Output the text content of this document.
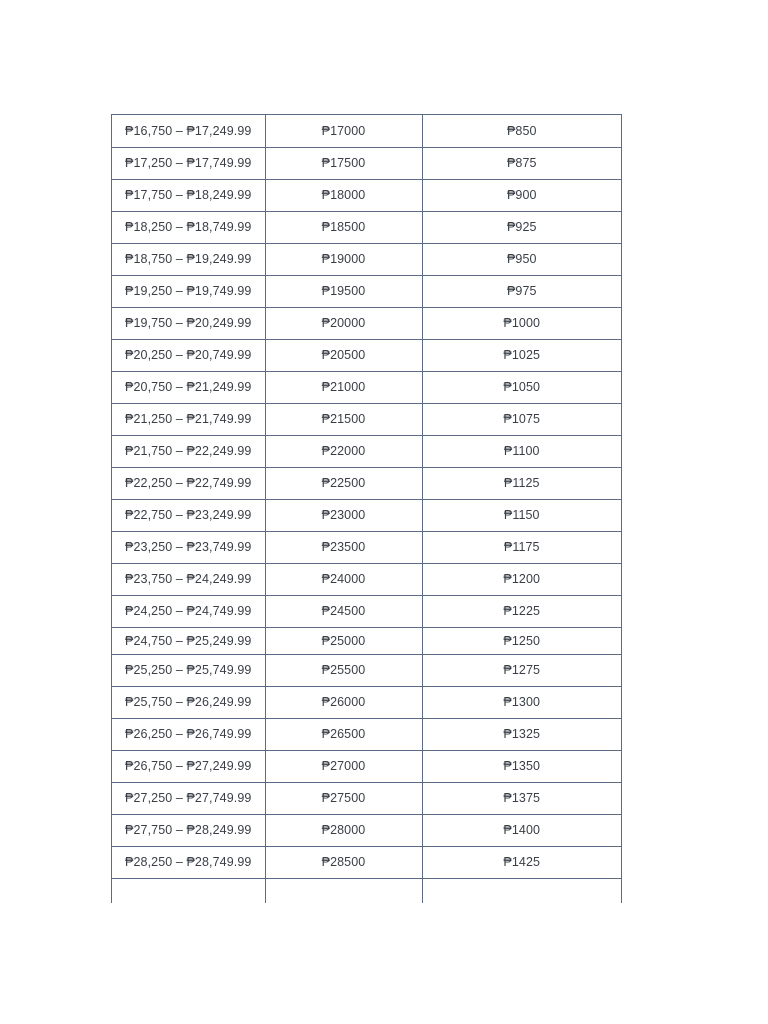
₱16,750 – ₱17,249.99	₱17000	₱850
₱17,250 – ₱17,749.99	₱17500	₱875
₱17,750 – ₱18,249.99	₱18000	₱900
₱18,250 – ₱18,749.99	₱18500	₱925
₱18,750 – ₱19,249.99	₱19000	₱950
₱19,250 – ₱19,749.99	₱19500	₱975
₱19,750 – ₱20,249.99	₱20000	₱1000
₱20,250 – ₱20,749.99	₱20500	₱1025
₱20,750 – ₱21,249.99	₱21000	₱1050
₱21,250 – ₱21,749.99	₱21500	₱1075
₱21,750 – ₱22,249.99	₱22000	₱1100
₱22,250 – ₱22,749.99	₱22500	₱1125
₱22,750 – ₱23,249.99	₱23000	₱1150
₱23,250 – ₱23,749.99	₱23500	₱1175
₱23,750 – ₱24,249.99	₱24000	₱1200
₱24,250 – ₱24,749.99	₱24500	₱1225
₱24,750 – ₱25,249.99	₱25000	₱1250
₱25,250 – ₱25,749.99	₱25500	₱1275
₱25,750 – ₱26,249.99	₱26000	₱1300
₱26,250 – ₱26,749.99	₱26500	₱1325
₱26,750 – ₱27,249.99	₱27000	₱1350
₱27,250 – ₱27,749.99	₱27500	₱1375
₱27,750 – ₱28,249.99	₱28000	₱1400
₱28,250 – ₱28,749.99	₱28500	₱1425
